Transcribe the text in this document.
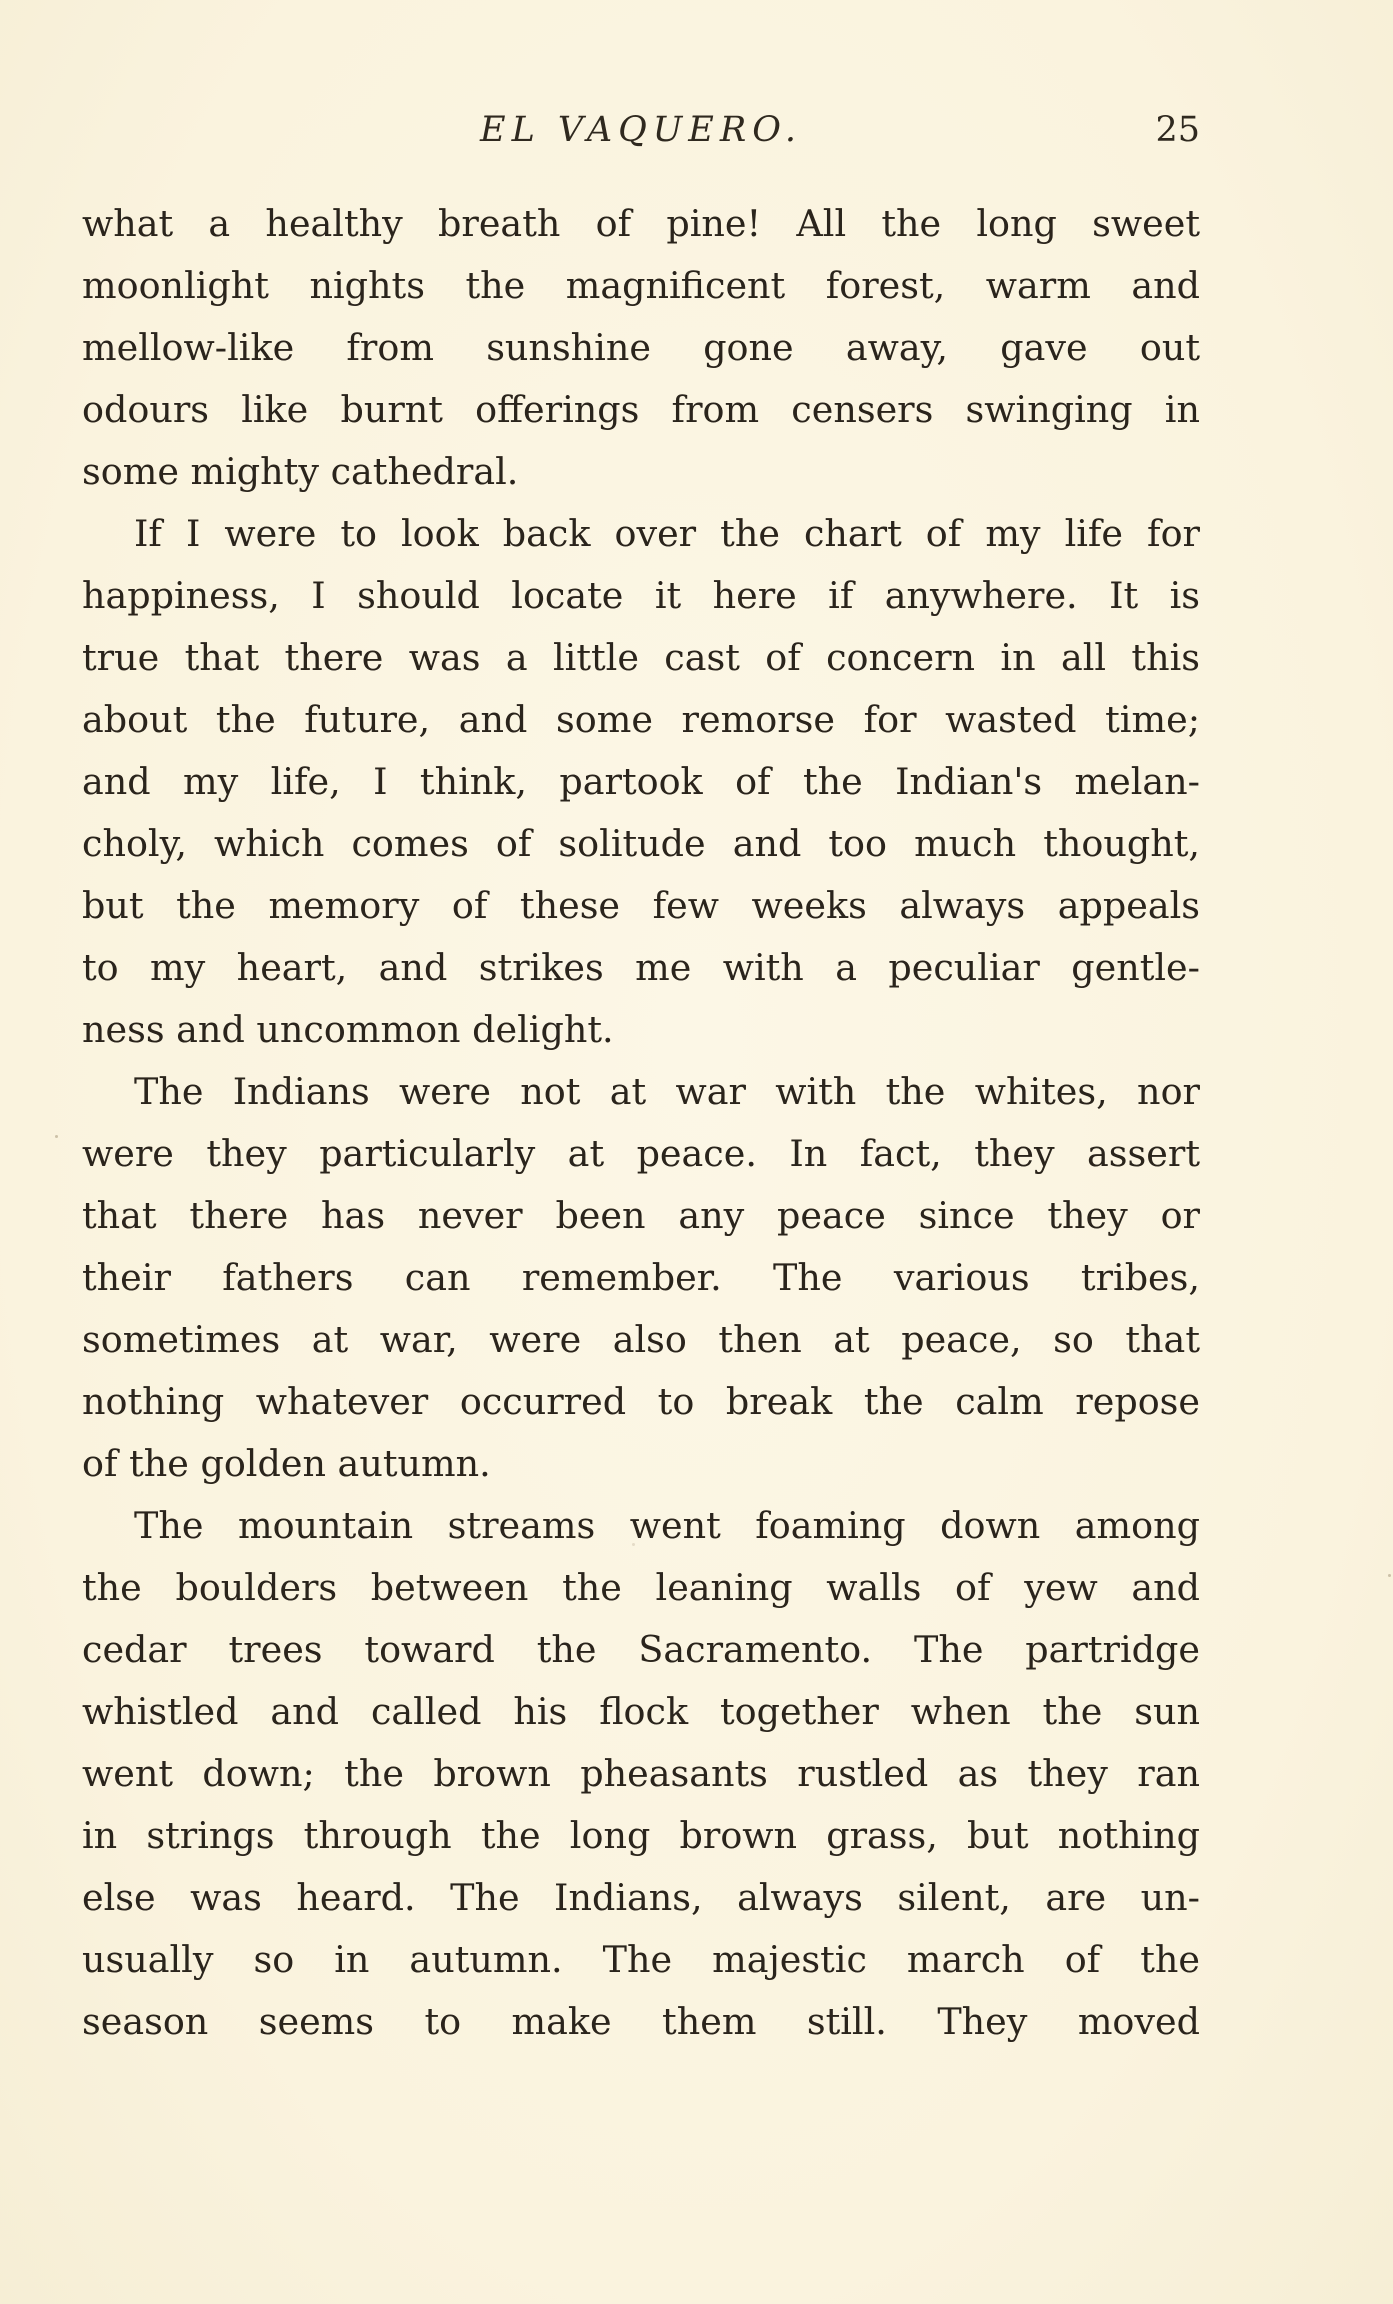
EL VAQUERO.	25

what a healthy breath of pine! All the long sweet

moonlight nights the magnificent forest, warm and

mellow-like from sunshine gone away, gave out

odours like burnt offerings from censers swinging in

some mighty cathedral.

If I were to look back over the chart of my life for

happiness, I should locate it here if anywhere. It is

true that there was a little cast of concern in all this

about the future, and some remorse for wasted time;

and my life, I think, partook of the Indian's melan-

choly, which comes of solitude and too much thought,

but the memory of these few weeks always appeals

to my heart, and strikes me with a peculiar gentle-

ness and uncommon delight.

The Indians were not at war with the whites, nor

were they particularly at peace. In fact, they assert

that there has never been any peace since they or

their fathers can remember. The various tribes,

sometimes at war, were also then at peace, so that

nothing whatever occurred to break the calm repose

of the golden autumn.

The mountain streams went foaming down among

the boulders between the leaning walls of yew and

cedar trees toward the Sacramento. The partridge

whistled and called his flock together when the sun

went down; the brown pheasants rustled as they ran

in strings through the long brown grass, but nothing

else was heard. The Indians, always silent, are un-

usually so in autumn. The majestic march of the

season seems to make them still. They moved
